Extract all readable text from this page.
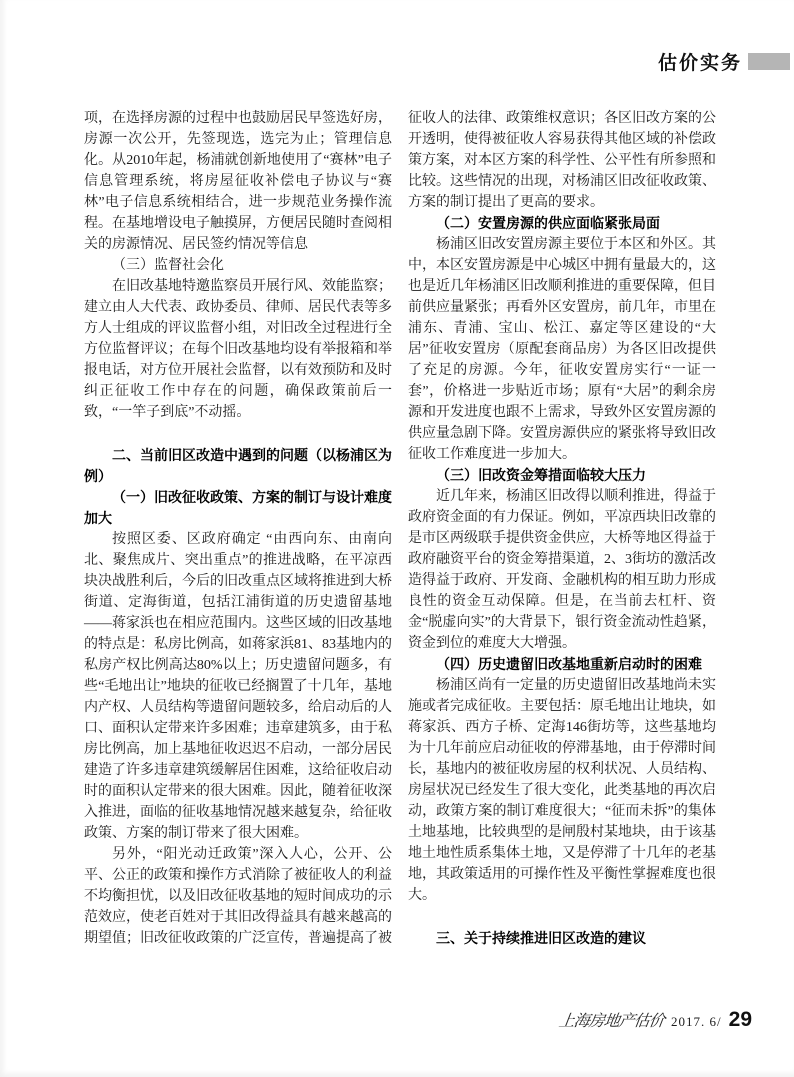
估价实务

项，在选择房源的过程中也鼓励居民早签选好房，房源一次公开，先签现选，选完为止；管理信息化。从2010年起，杨浦就创新地使用了“赛林”电子信息管理系统，将房屋征收补偿电子协议与“赛林”电子信息系统相结合，进一步规范业务操作流程。在基地增设电子触摸屏，方便居民随时查阅相关的房源情况、居民签约情况等信息

（三）监督社会化

在旧改基地特邀监察员开展行风、效能监察；建立由人大代表、政协委员、律师、居民代表等多方人士组成的评议监督小组，对旧改全过程进行全方位监督评议；在每个旧改基地均设有举报箱和举报电话，对方位开展社会监督，以有效预防和及时纠正征收工作中存在的问题，确保政策前后一致，“一竿子到底”不动摇。

二、当前旧区改造中遇到的问题（以杨浦区为例）

（一）旧改征收政策、方案的制订与设计难度加大

按照区委、区政府确定 “由西向东、由南向北、聚焦成片、突出重点”的推进战略，在平凉西块决战胜利后，今后的旧改重点区域将推进到大桥街道、定海街道，包括江浦街道的历史遗留基地——蒋家浜也在相应范围内。这些区域的旧改基地的特点是：私房比例高，如蒋家浜81、83基地内的私房产权比例高达80%以上；历史遗留问题多，有些“毛地出让”地块的征收已经搁置了十几年，基地内产权、人员结构等遗留问题较多，给启动后的人口、面积认定带来许多困难；违章建筑多，由于私房比例高，加上基地征收迟迟不启动，一部分居民建造了许多违章建筑缓解居住困难，这给征收启动时的面积认定带来的很大困难。因此，随着征收深入推进，面临的征收基地情况越来越复杂，给征收政策、方案的制订带来了很大困难。

另外，“阳光动迁政策”深入人心，公开、公平、公正的政策和操作方式消除了被征收人的利益不均衡担忧，以及旧改征收基地的短时间成功的示范效应，使老百姓对于其旧改得益具有越来越高的期望值；旧改征收政策的广泛宣传，普遍提高了被

征收人的法律、政策维权意识；各区旧改方案的公开透明，使得被征收人容易获得其他区域的补偿政策方案，对本区方案的科学性、公平性有所参照和比较。这些情况的出现，对杨浦区旧改征收政策、方案的制订提出了更高的要求。

（二）安置房源的供应面临紧张局面

杨浦区旧改安置房源主要位于本区和外区。其中，本区安置房源是中心城区中拥有量最大的，这也是近几年杨浦区旧改顺利推进的重要保障，但目前供应量紧张；再看外区安置房，前几年，市里在浦东、青浦、宝山、松江、嘉定等区建设的“大居”征收安置房（原配套商品房）为各区旧改提供了充足的房源。今年，征收安置房实行“一证一套”，价格进一步贴近市场；原有“大居”的剩余房源和开发进度也跟不上需求，导致外区安置房源的供应量急剧下降。安置房源供应的紧张将导致旧改征收工作难度进一步加大。

（三）旧改资金筹措面临较大压力

近几年来，杨浦区旧改得以顺利推进，得益于政府资金面的有力保证。例如，平凉西块旧改靠的是市区两级联手提供资金供应，大桥等地区得益于政府融资平台的资金筹措渠道，2、3街坊的激活改造得益于政府、开发商、金融机构的相互助力形成良性的资金互动保障。但是，在当前去杠杆、资金“脱虚向实”的大背景下，银行资金流动性趋紧，资金到位的难度大大增强。

（四）历史遗留旧改基地重新启动时的困难

杨浦区尚有一定量的历史遗留旧改基地尚未实施或者完成征收。主要包括：原毛地出让地块，如蒋家浜、西方子桥、定海146街坊等，这些基地均为十几年前应启动征收的停滞基地，由于停滞时间长，基地内的被征收房屋的权利状况、人员结构、房屋状况已经发生了很大变化，此类基地的再次启动，政策方案的制订难度很大；“征而未拆”的集体土地基地，比较典型的是闸殷村某地块，由于该基地土地性质系集体土地，又是停滞了十几年的老基地，其政策适用的可操作性及平衡性掌握难度也很大。

三、关于持续推进旧区改造的建议

上海房地产估价 2017. 6/ 29
